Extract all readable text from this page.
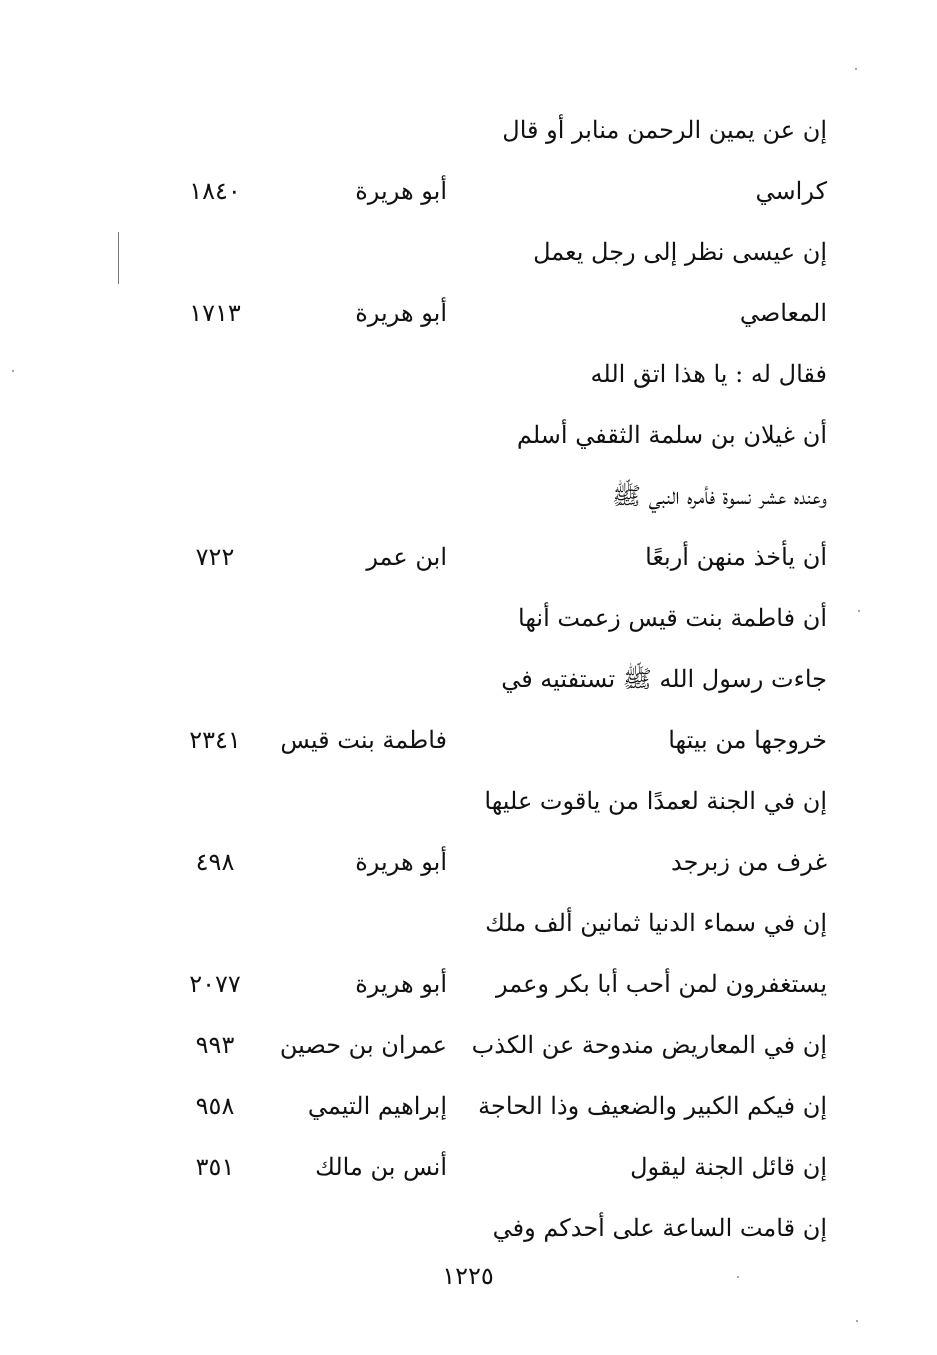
إن عن يمين الرحمن منابر أو قال
كراسي
أبو هريرة
١٨٤٠
إن عيسى نظر إلى رجل يعمل
المعاصي
أبو هريرة
١٧١٣
فقال له : يا هذا اتق الله
أن غيلان بن سلمة الثقفي أسلم
وعنده عشر نسوة فأمره النبي ﷺ
أن يأخذ منهن أربعًا
ابن عمر
٧٢٢
أن فاطمة بنت قيس زعمت أنها
جاءت رسول الله ﷺ تستفتيه في
خروجها من بيتها
فاطمة بنت قيس
٢٣٤١
إن في الجنة لعمدًا من ياقوت عليها
غرف من زبرجد
أبو هريرة
٤٩٨
إن في سماء الدنيا ثمانين ألف ملك
يستغفرون لمن أحب أبا بكر وعمر
أبو هريرة
٢٠٧٧
إن في المعاريض مندوحة عن الكذب
عمران بن حصين
٩٩٣
إن فيكم الكبير والضعيف وذا الحاجة
إبراهيم التيمي
٩٥٨
إن قائل الجنة ليقول
أنس بن مالك
٣٥١
إن قامت الساعة على أحدكم وفي
١٢٢٥
